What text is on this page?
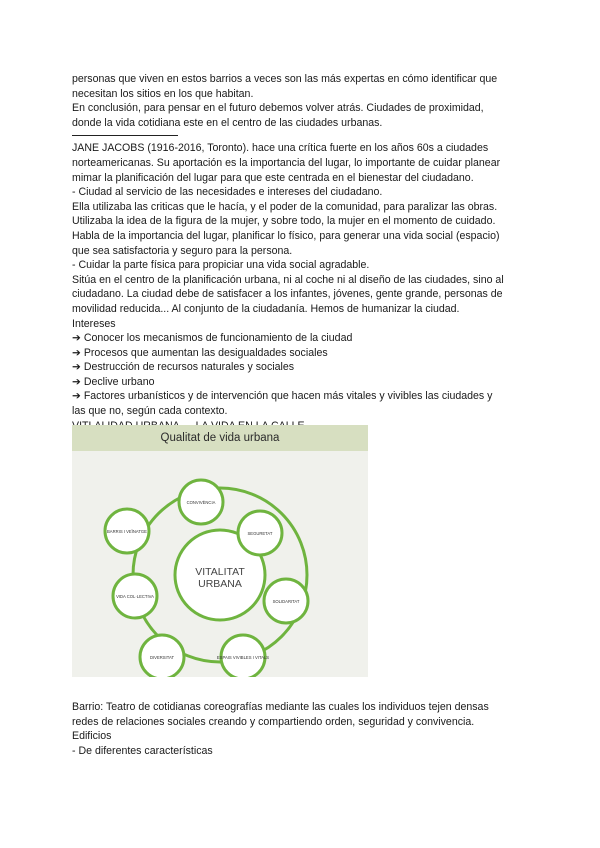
personas que viven en estos barrios a veces son las más expertas en cómo identificar que
necesitan los sitios en los que habitan.
En conclusión, para pensar en el futuro debemos volver atrás. Ciudades de proximidad,
donde la vida cotidiana este en el centro de las ciudades urbanas.
JANE JACOBS (1916-2016, Toronto). hace una crítica fuerte en los años 60s a ciudades
norteamericanas. Su aportación es la importancia del lugar, lo importante de cuidar planear
mimar la planificación del lugar para que este centrada en el bienestar del ciudadano.
- Ciudad al servicio de las necesidades e intereses del ciudadano.
Ella utilizaba las criticas que le hacía, y el poder de la comunidad, para paralizar las obras.
Utilizaba la idea de la figura de la mujer, y sobre todo, la mujer en el momento de cuidado.
Habla de la importancia del lugar, planificar lo físico, para generar una vida social (espacio)
que sea satisfactoria y seguro para la persona.
- Cuidar la parte física para propiciar una vida social agradable.
Sitúa en el centro de la planificación urbana, ni al coche ni al diseño de las ciudades, sino al
ciudadano. La ciudad debe de satisfacer a los infantes, jóvenes, gente grande, personas de
movilidad reducida... Al conjunto de la ciudadanía. Hemos de humanizar la ciudad.
Intereses
➔ Conocer los mecanismos de funcionamiento de la ciudad
➔ Procesos que aumentan las desigualdades sociales
➔ Destrucción de recursos naturales y sociales
➔ Declive urbano
➔ Factores urbanísticos y de intervención que hacen más vitales y vivibles las ciudades y
las que no, según cada contexto.
Qualitat de vida urbana
VITALITAT
URBANA
CONVIVÈNCIA
SEGURETAT
SOLIDARITAT
ESPAIS VIVIBLES I VITALS
DIVERSITAT
VIDA COL·LECTIVA
BARRIS I VEÏNATGE
Barrio: Teatro de cotidianas coreografías mediante las cuales los individuos tejen densas
redes de relaciones sociales creando y compartiendo orden, seguridad y convivencia.
Edificios
- De diferentes características
